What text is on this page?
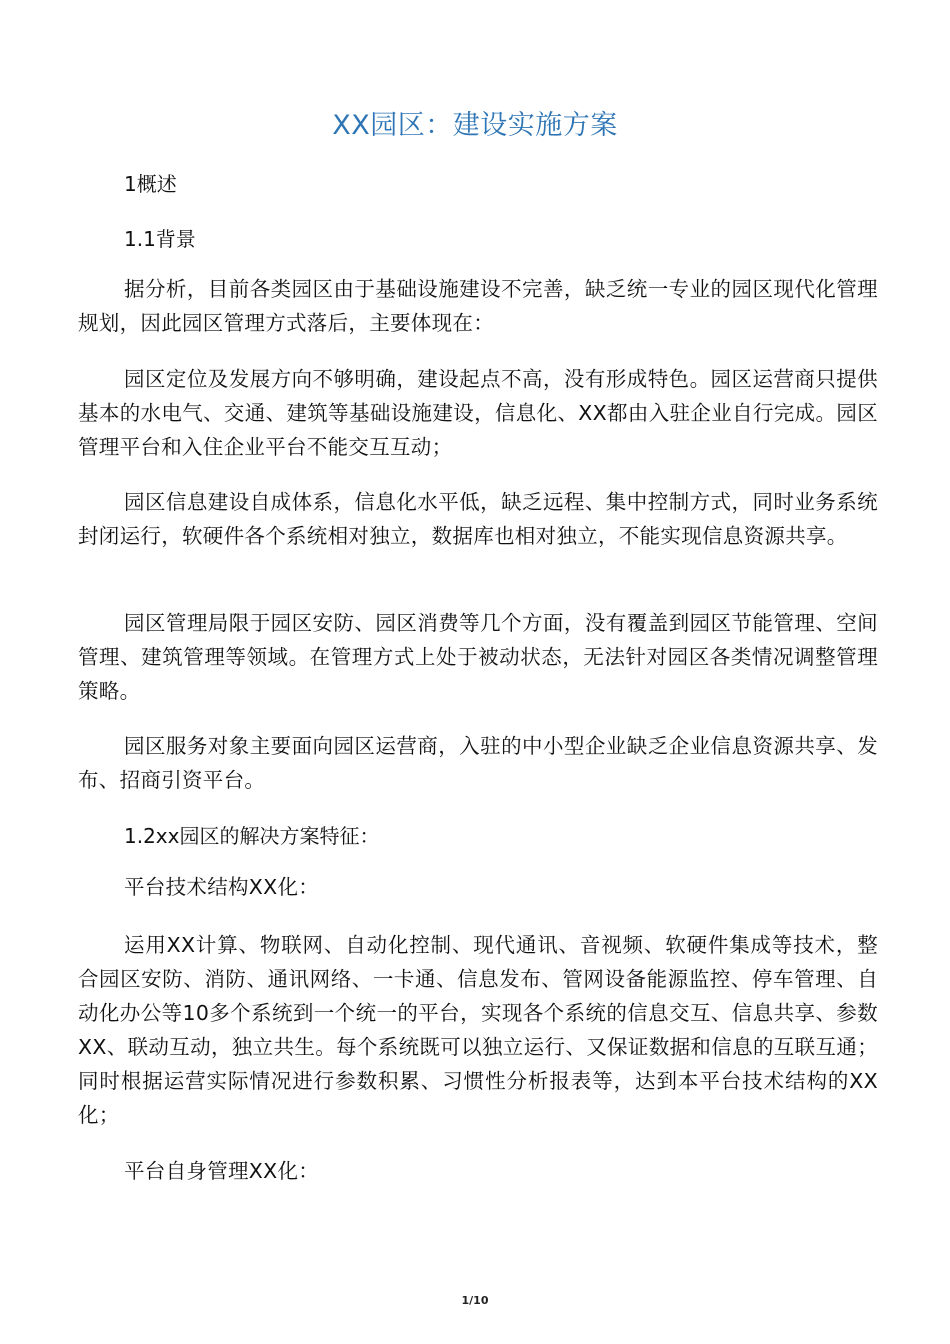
XX园区：建设实施方案
1概述
1.1背景
据分析，目前各类园区由于基础设施建设不完善，缺乏统一专业的园区现代化管理规划，因此园区管理方式落后，主要体现在：
园区定位及发展方向不够明确，建设起点不高，没有形成特色。园区运营商只提供基本的水电气、交通、建筑等基础设施建设，信息化、XX都由入驻企业自行完成。园区管理平台和入住企业平台不能交互互动；
园区信息建设自成体系，信息化水平低，缺乏远程、集中控制方式，同时业务系统封闭运行，软硬件各个系统相对独立，数据库也相对独立，不能实现信息资源共享。
园区管理局限于园区安防、园区消费等几个方面，没有覆盖到园区节能管理、空间管理、建筑管理等领域。在管理方式上处于被动状态，无法针对园区各类情况调整管理策略。
园区服务对象主要面向园区运营商，入驻的中小型企业缺乏企业信息资源共享、发布、招商引资平台。
1.2xx园区的解决方案特征：
平台技术结构XX化：
运用XX计算、物联网、自动化控制、现代通讯、音视频、软硬件集成等技术，整合园区安防、消防、通讯网络、一卡通、信息发布、管网设备能源监控、停车管理、自动化办公等10多个系统到一个统一的平台，实现各个系统的信息交互、信息共享、参数XX、联动互动，独立共生。每个系统既可以独立运行、又保证数据和信息的互联互通；同时根据运营实际情况进行参数积累、习惯性分析报表等，达到本平台技术结构的XX化；
平台自身管理XX化：
1/10
